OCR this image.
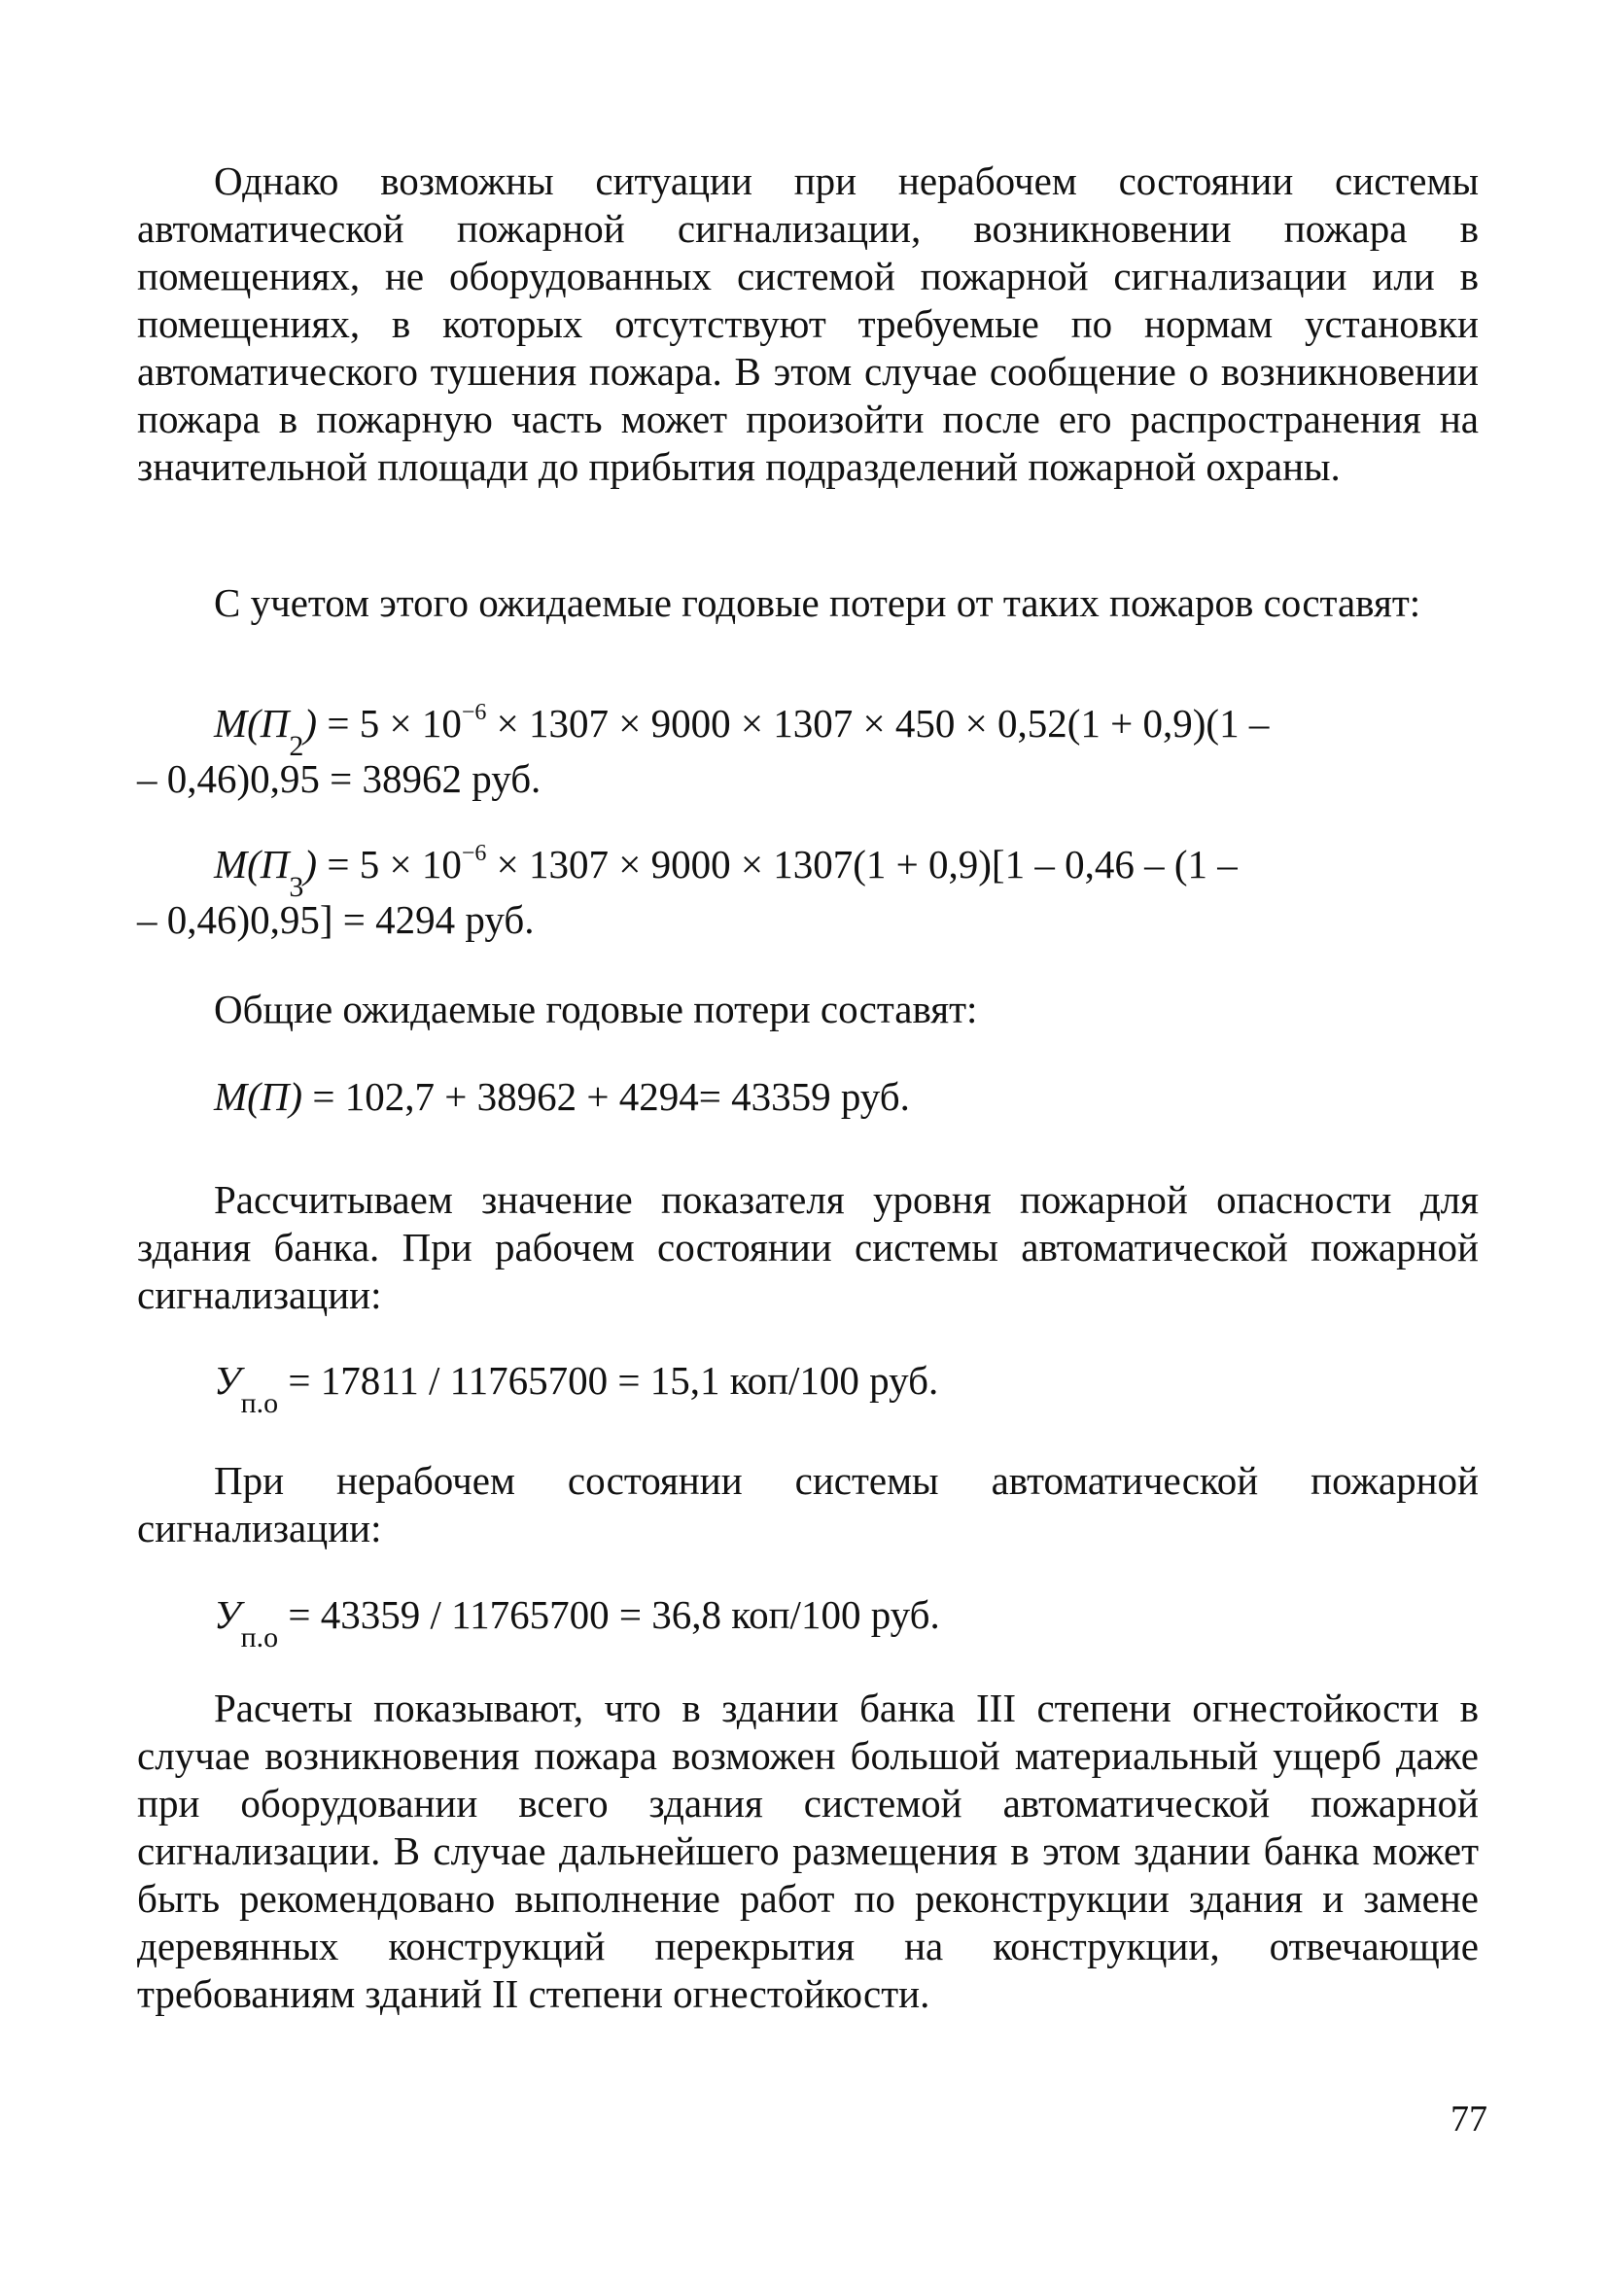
Однако возможны ситуации при нерабочем состоянии системы автоматической пожарной сигнализации, возникновении пожара в помещениях, не оборудованных системой пожарной сигнализации или в помещениях, в которых отсутствуют требуемые по нормам установки автоматического тушения пожара. В этом случае сообщение о возникновении пожара в пожарную часть может произойти после его распространения на значительной площади до прибытия подразделений пожарной охраны.

С учетом этого ожидаемые годовые потери от таких пожаров составят:

$M(П_2) = 5 \times 10^{-6} \times 1307 \times 9000 \times 1307 \times 450 \times 0,52(1 + 0,9)(1$ –
– 0,46)0,95 = 38962 руб.
$M(П_3) = 5 \times 10^{-6} \times 1307 \times 9000 \times 1307(1 + 0,9)[1 - 0,46 - (1$ –
– 0,46)0,95] = 4294 руб.

Общие ожидаемые годовые потери составят:

M(П) = 102,7 + 38962 + 4294= 43359 руб.

Рассчитываем значение показателя уровня пожарной опасности для здания банка. При рабочем состоянии системы автоматической пожарной сигнализации:

$У_{п.о} = 17811 / 11765700 = 15,1$ коп/100 руб.

При нерабочем состоянии системы автоматической пожарной сигнализации:

$У_{п.о} = 43359 / 11765700 = 36,8$ коп/100 руб.

Расчеты показывают, что в здании банка III степени огнестойкости в случае возникновения пожара возможен большой материальный ущерб даже при оборудовании всего здания системой автоматической пожарной сигнализации. В случае дальнейшего размещения в этом здании банка может быть рекомендовано выполнение работ по реконструкции здания и замене деревянных конструкций перекрытия на конструкции, отвечающие требованиям зданий II степени огнестойкости.

77
